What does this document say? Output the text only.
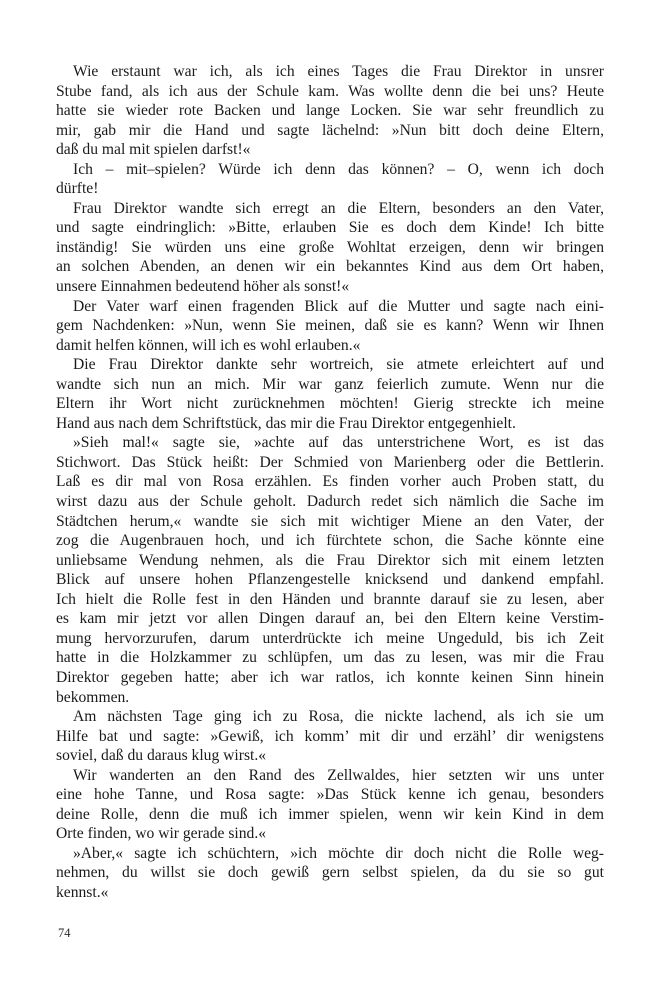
Wie erstaunt war ich, als ich eines Tages die Frau Direktor in unsrer
Stube fand, als ich aus der Schule kam. Was wollte denn die bei uns? Heute
hatte sie wieder rote Backen und lange Locken. Sie war sehr freundlich zu
mir, gab mir die Hand und sagte lächelnd: »Nun bitt doch deine Eltern,
daß du mal mit spielen darfst!«
Ich – mit–spielen? Würde ich denn das können? – O, wenn ich doch
dürfte!
Frau Direktor wandte sich erregt an die Eltern, besonders an den Vater,
und sagte eindringlich: »Bitte, erlauben Sie es doch dem Kinde! Ich bitte
inständig! Sie würden uns eine große Wohltat erzeigen, denn wir bringen
an solchen Abenden, an denen wir ein bekanntes Kind aus dem Ort haben,
unsere Einnahmen bedeutend höher als sonst!«
Der Vater warf einen fragenden Blick auf die Mutter und sagte nach eini-
gem Nachdenken: »Nun, wenn Sie meinen, daß sie es kann? Wenn wir Ihnen
damit helfen können, will ich es wohl erlauben.«
Die Frau Direktor dankte sehr wortreich, sie atmete erleichtert auf und
wandte sich nun an mich. Mir war ganz feierlich zumute. Wenn nur die
Eltern ihr Wort nicht zurücknehmen möchten! Gierig streckte ich meine
Hand aus nach dem Schriftstück, das mir die Frau Direktor entgegenhielt.
»Sieh mal!« sagte sie, »achte auf das unterstrichene Wort, es ist das
Stichwort. Das Stück heißt: Der Schmied von Marienberg oder die Bettlerin.
Laß es dir mal von Rosa erzählen. Es finden vorher auch Proben statt, du
wirst dazu aus der Schule geholt. Dadurch redet sich nämlich die Sache im
Städtchen herum,« wandte sie sich mit wichtiger Miene an den Vater, der
zog die Augenbrauen hoch, und ich fürchtete schon, die Sache könnte eine
unliebsame Wendung nehmen, als die Frau Direktor sich mit einem letzten
Blick auf unsere hohen Pflanzengestelle knicksend und dankend empfahl.
Ich hielt die Rolle fest in den Händen und brannte darauf sie zu lesen, aber
es kam mir jetzt vor allen Dingen darauf an, bei den Eltern keine Verstim-
mung hervorzurufen, darum unterdrückte ich meine Ungeduld, bis ich Zeit
hatte in die Holzkammer zu schlüpfen, um das zu lesen, was mir die Frau
Direktor gegeben hatte; aber ich war ratlos, ich konnte keinen Sinn hinein
bekommen.
Am nächsten Tage ging ich zu Rosa, die nickte lachend, als ich sie um
Hilfe bat und sagte: »Gewiß, ich komm’ mit dir und erzähl’ dir wenigstens
soviel, daß du daraus klug wirst.«
Wir wanderten an den Rand des Zellwaldes, hier setzten wir uns unter
eine hohe Tanne, und Rosa sagte: »Das Stück kenne ich genau, besonders
deine Rolle, denn die muß ich immer spielen, wenn wir kein Kind in dem
Orte finden, wo wir gerade sind.«
»Aber,« sagte ich schüchtern, »ich möchte dir doch nicht die Rolle weg-
nehmen, du willst sie doch gewiß gern selbst spielen, da du sie so gut
kennst.«
74
